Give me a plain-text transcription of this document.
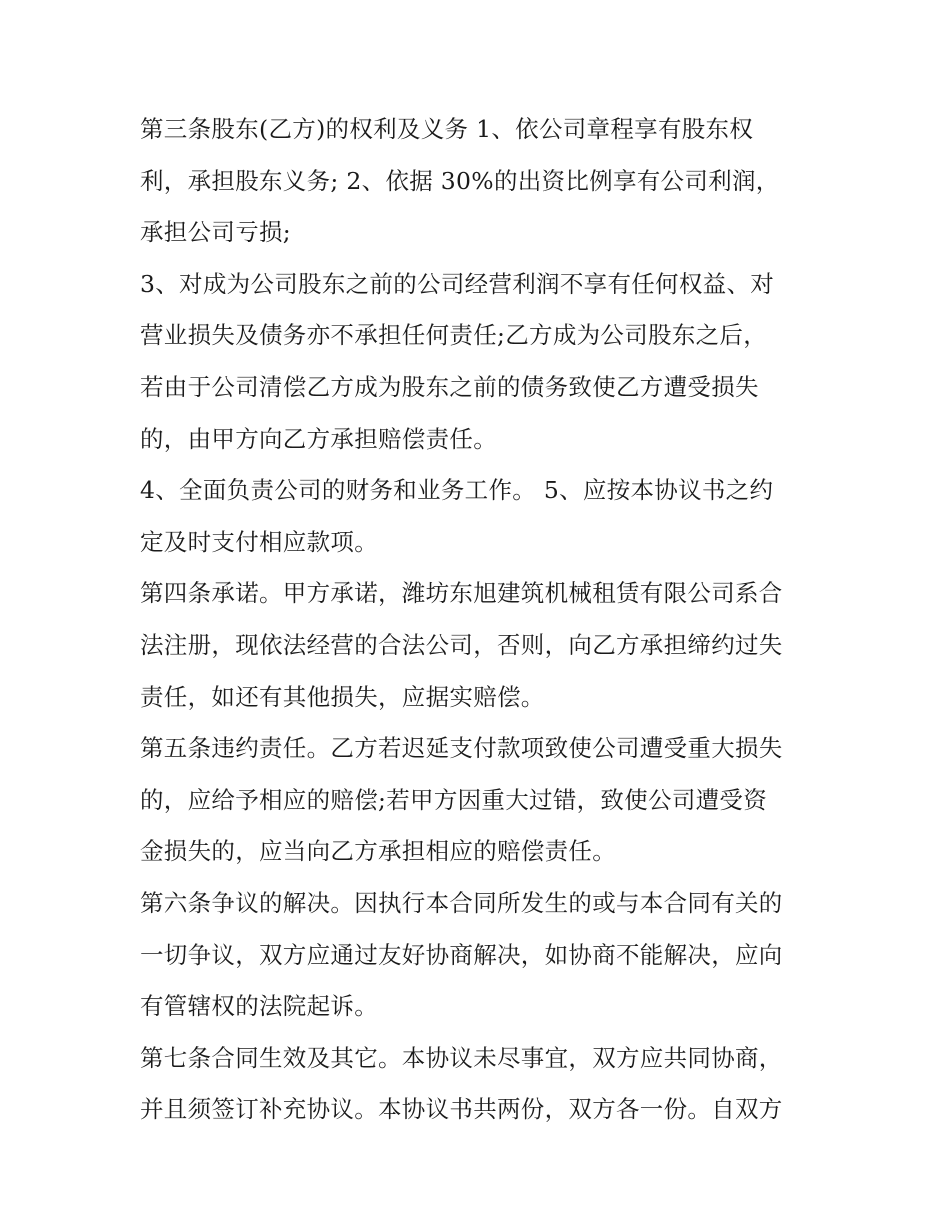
第三条股东(乙方)的权利及义务 1、依公司章程享有股东权
利，承担股东义务; 2、依据 30%的出资比例享有公司利润，
承担公司亏损;
3、对成为公司股东之前的公司经营利润不享有任何权益、对
营业损失及债务亦不承担任何责任;乙方成为公司股东之后，
若由于公司清偿乙方成为股东之前的债务致使乙方遭受损失
的，由甲方向乙方承担赔偿责任。
4、全面负责公司的财务和业务工作。 5、应按本协议书之约
定及时支付相应款项。
第四条承诺。甲方承诺，潍坊东旭建筑机械租赁有限公司系合
法注册，现依法经营的合法公司，否则，向乙方承担缔约过失
责任，如还有其他损失，应据实赔偿。
第五条违约责任。乙方若迟延支付款项致使公司遭受重大损失
的，应给予相应的赔偿;若甲方因重大过错，致使公司遭受资
金损失的，应当向乙方承担相应的赔偿责任。
第六条争议的解决。因执行本合同所发生的或与本合同有关的
一切争议，双方应通过友好协商解决，如协商不能解决，应向
有管辖权的法院起诉。
第七条合同生效及其它。本协议未尽事宜，双方应共同协商，
并且须签订补充协议。本协议书共两份，双方各一份。自双方
